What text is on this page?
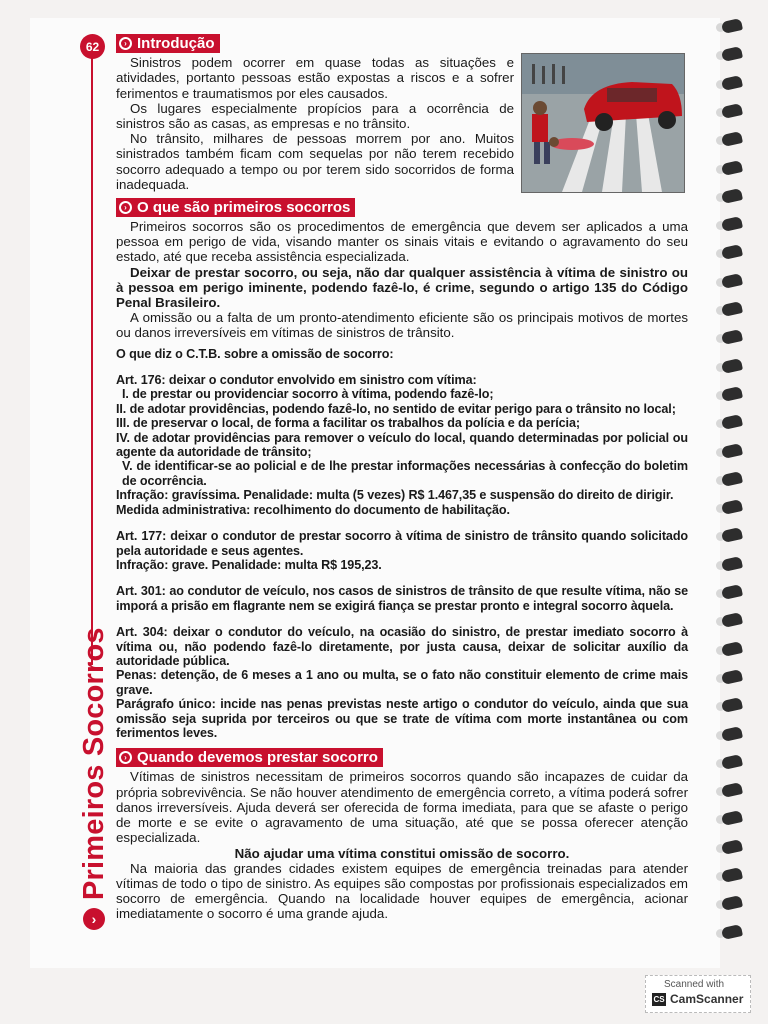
62
›
Primeiros Socorros
› Introdução

Sinistros podem ocorrer em quase todas as situações e atividades, portanto pessoas estão expostas a riscos e a sofrer ferimentos e traumatismos por eles causados.

Os lugares especialmente propícios para a ocorrência de sinistros são as casas, as empresas e no trânsito.

No trânsito, milhares de pessoas morrem por ano. Muitos sinistrados também ficam com sequelas por não terem recebido socorro adequado a tempo ou por terem sido socorridos de forma inadequada.

› O que são primeiros socorros

Primeiros socorros são os procedimentos de emergência que devem ser aplicados a uma pessoa em perigo de vida, visando manter os sinais vitais e evitando o agravamento do seu estado, até que receba assistência especializada.

Deixar de prestar socorro, ou seja, não dar qualquer assistência à vítima de sinistro ou à pessoa em perigo iminente, podendo fazê-lo, é crime, segundo o artigo 135 do Código Penal Brasileiro.

A omissão ou a falta de um pronto-atendimento eficiente são os principais motivos de mortes ou danos irreversíveis em vítimas de sinistros de trânsito.

O que diz o C.T.B. sobre a omissão de socorro:

Art. 176: deixar o condutor envolvido em sinistro com vítima:

I. de prestar ou providenciar socorro à vítima, podendo fazê-lo;

II. de adotar providências, podendo fazê-lo, no sentido de evitar perigo para o trânsito no local;

III. de preservar o local, de forma a facilitar os trabalhos da polícia e da perícia;

IV. de adotar providências para remover o veículo do local, quando determinadas por policial ou agente da autoridade de trânsito;

V. de identificar-se ao policial e de lhe prestar informações necessárias à confecção do boletim de ocorrência.

Infração: gravíssima. Penalidade: multa (5 vezes) R$ 1.467,35 e suspensão do direito de dirigir.

Medida administrativa: recolhimento do documento de habilitação.

Art. 177: deixar o condutor de prestar socorro à vítima de sinistro de trânsito quando solicitado pela autoridade e seus agentes.

Infração: grave. Penalidade: multa R$ 195,23.

Art. 301: ao condutor de veículo, nos casos de sinistros de trânsito de que resulte vítima, não se imporá a prisão em flagrante nem se exigirá fiança se prestar pronto e integral socorro àquela.

Art. 304: deixar o condutor do veículo, na ocasião do sinistro, de prestar imediato socorro à vítima ou, não podendo fazê-lo diretamente, por justa causa, deixar de solicitar auxílio da autoridade pública.

Penas: detenção, de 6 meses a 1 ano ou multa, se o fato não constituir elemento de crime mais grave.

Parágrafo único: incide nas penas previstas neste artigo o condutor do veículo, ainda que sua omissão seja suprida por terceiros ou que se trate de vítima com morte instantânea ou com ferimentos leves.

› Quando devemos prestar socorro

Vítimas de sinistros necessitam de primeiros socorros quando são incapazes de cuidar da própria sobrevivência. Se não houver atendimento de emergência correto, a vítima poderá sofrer danos irreversíveis. Ajuda deverá ser oferecida de forma imediata, para que se afaste o perigo de morte e se evite o agravamento de uma situação, até que se possa oferecer atenção especializada.

Não ajudar uma vítima constitui omissão de socorro.

Na maioria das grandes cidades existem equipes de emergência treinadas para atender vítimas de todo o tipo de sinistro. As equipes são compostas por profissionais especializados em socorro de emergência. Quando na localidade houver equipes de emergência, acionar imediatamente o socorro é uma grande ajuda.

Scanned with
CS CamScanner
